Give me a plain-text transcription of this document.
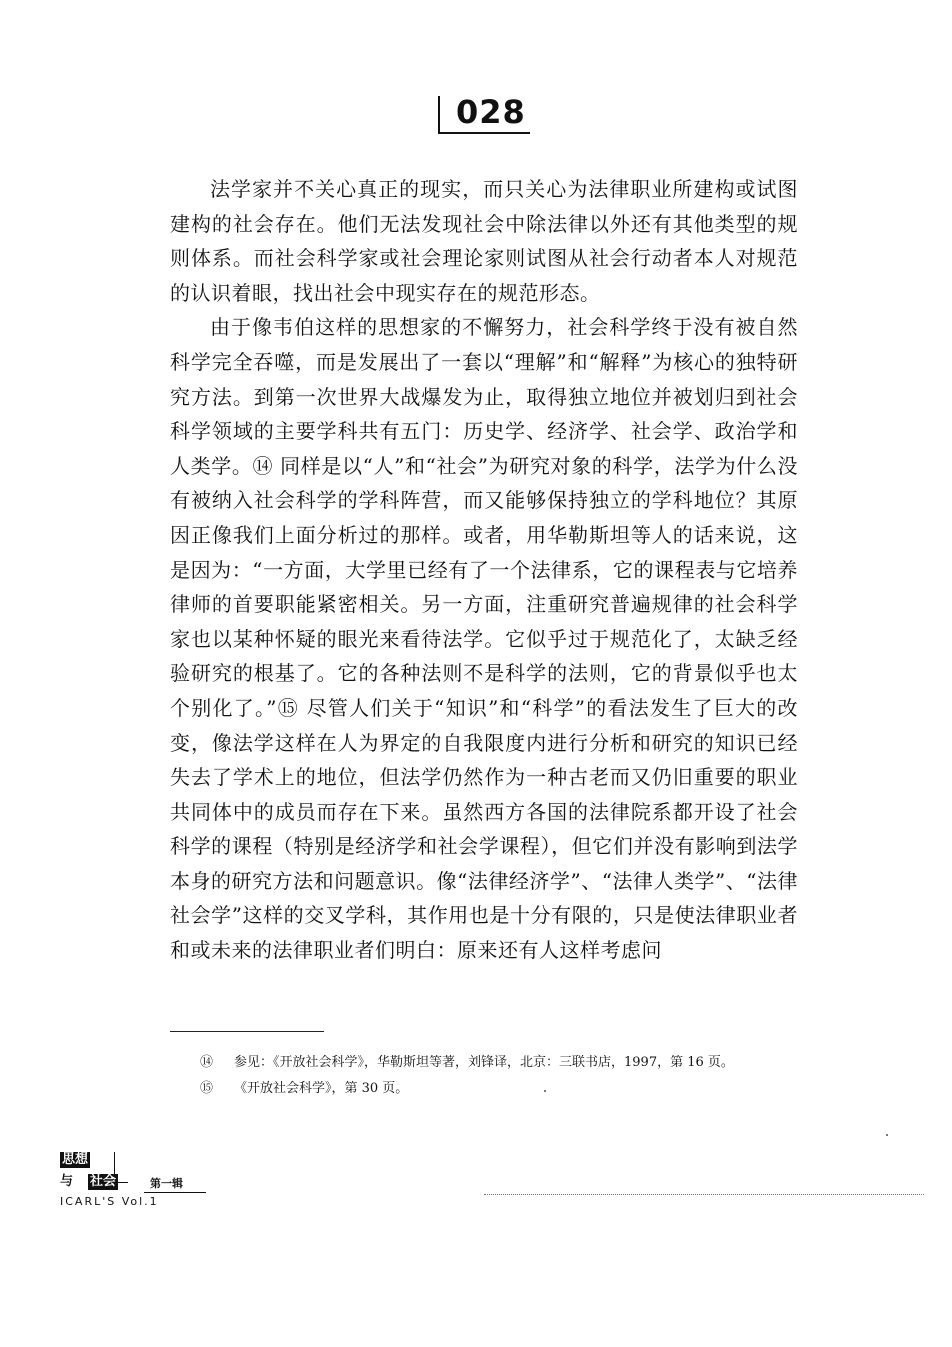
028

法学家并不关心真正的现实，而只关心为法律职业所建构或试图建构的社会存在。他们无法发现社会中除法律以外还有其他类型的规则体系。而社会科学家或社会理论家则试图从社会行动者本人对规范的认识着眼，找出社会中现实存在的规范形态。

由于像韦伯这样的思想家的不懈努力，社会科学终于没有被自然科学完全吞噬，而是发展出了一套以“理解”和“解释”为核心的独特研究方法。到第一次世界大战爆发为止，取得独立地位并被划归到社会科学领域的主要学科共有五门：历史学、经济学、社会学、政治学和人类学。⑭ 同样是以“人”和“社会”为研究对象的科学，法学为什么没有被纳入社会科学的学科阵营，而又能够保持独立的学科地位？其原因正像我们上面分析过的那样。或者，用华勒斯坦等人的话来说，这是因为：“一方面，大学里已经有了一个法律系，它的课程表与它培养律师的首要职能紧密相关。另一方面，注重研究普遍规律的社会科学家也以某种怀疑的眼光来看待法学。它似乎过于规范化了，太缺乏经验研究的根基了。它的各种法则不是科学的法则，它的背景似乎也太个别化了。”⑮ 尽管人们关于“知识”和“科学”的看法发生了巨大的改变，像法学这样在人为界定的自我限度内进行分析和研究的知识已经失去了学术上的地位，但法学仍然作为一种古老而又仍旧重要的职业共同体中的成员而存在下来。虽然西方各国的法律院系都开设了社会科学的课程（特别是经济学和社会学课程），但它们并没有影响到法学本身的研究方法和问题意识。像“法律经济学”、“法律人类学”、“法律社会学”这样的交叉学科，其作用也是十分有限的，只是使法律职业者和或未来的法律职业者们明白：原来还有人这样考虑问

⑭ 参见：《开放社会科学》，华勒斯坦等著，刘锋译，北京：三联书店，1997，第 16 页。
⑮ 《开放社会科学》，第 30 页。
思想
与 社会	第一辑
ICARL'S Vol.1
